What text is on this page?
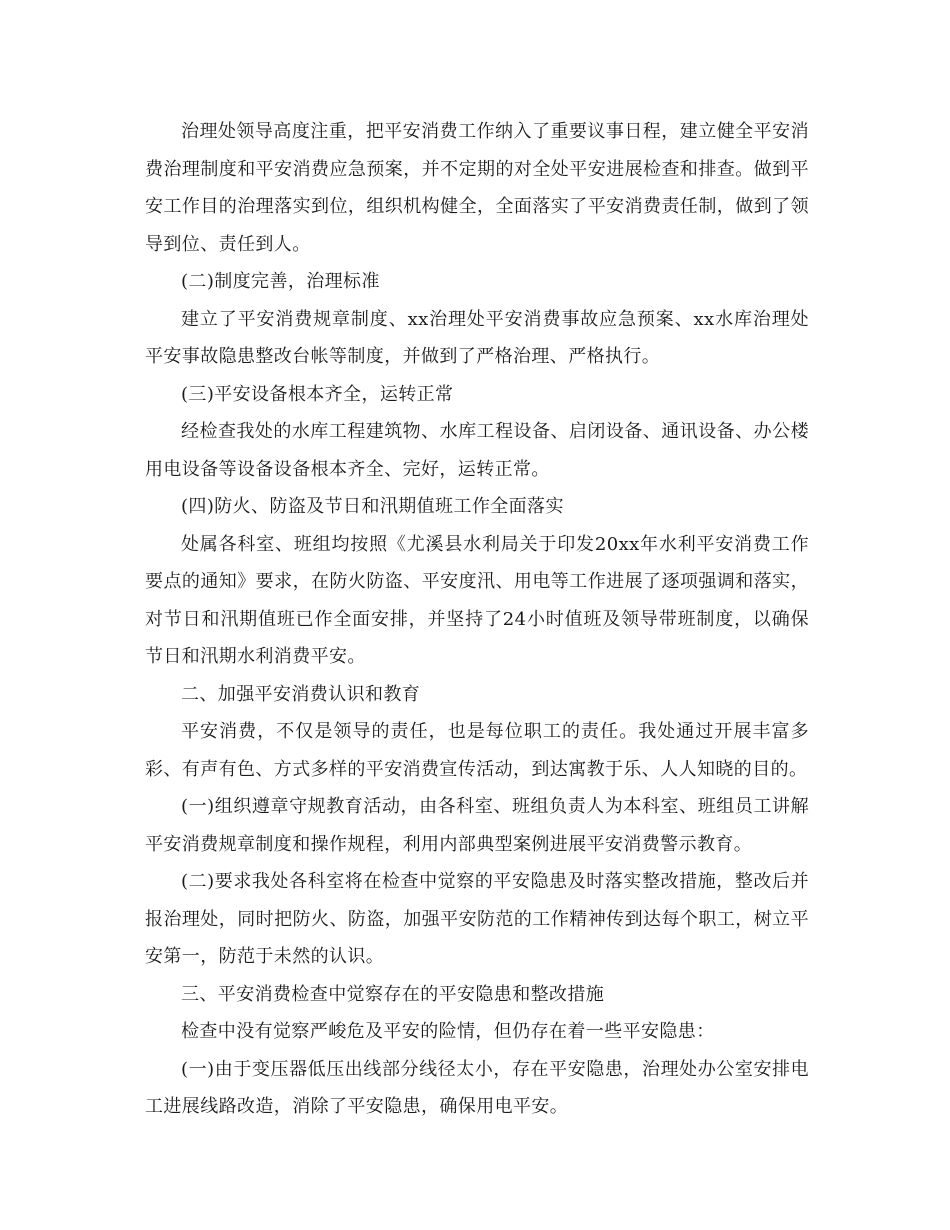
治理处领导高度注重，把平安消费工作纳入了重要议事日程，建立健全平安消费治理制度和平安消费应急预案，并不定期的对全处平安进展检查和排查。做到平安工作目的治理落实到位，组织机构健全，全面落实了平安消费责任制，做到了领导到位、责任到人。

(二)制度完善，治理标准

建立了平安消费规章制度、xx治理处平安消费事故应急预案、xx水库治理处平安事故隐患整改台帐等制度，并做到了严格治理、严格执行。

(三)平安设备根本齐全，运转正常

经检查我处的水库工程建筑物、水库工程设备、启闭设备、通讯设备、办公楼用电设备等设备设备根本齐全、完好，运转正常。

(四)防火、防盗及节日和汛期值班工作全面落实

处属各科室、班组均按照《尤溪县水利局关于印发20xx年水利平安消费工作要点的通知》要求，在防火防盗、平安度汛、用电等工作进展了逐项强调和落实，对节日和汛期值班已作全面安排，并坚持了24小时值班及领导带班制度，以确保节日和汛期水利消费平安。

二、加强平安消费认识和教育

平安消费，不仅是领导的责任，也是每位职工的责任。我处通过开展丰富多彩、有声有色、方式多样的平安消费宣传活动，到达寓教于乐、人人知晓的目的。

(一)组织遵章守规教育活动，由各科室、班组负责人为本科室、班组员工讲解平安消费规章制度和操作规程，利用内部典型案例进展平安消费警示教育。

(二)要求我处各科室将在检查中觉察的平安隐患及时落实整改措施，整改后并报治理处，同时把防火、防盗，加强平安防范的工作精神传到达每个职工，树立平安第一，防范于未然的认识。

三、平安消费检查中觉察存在的平安隐患和整改措施

检查中没有觉察严峻危及平安的险情，但仍存在着一些平安隐患：

(一)由于变压器低压出线部分线径太小，存在平安隐患，治理处办公室安排电工进展线路改造，消除了平安隐患，确保用电平安。
